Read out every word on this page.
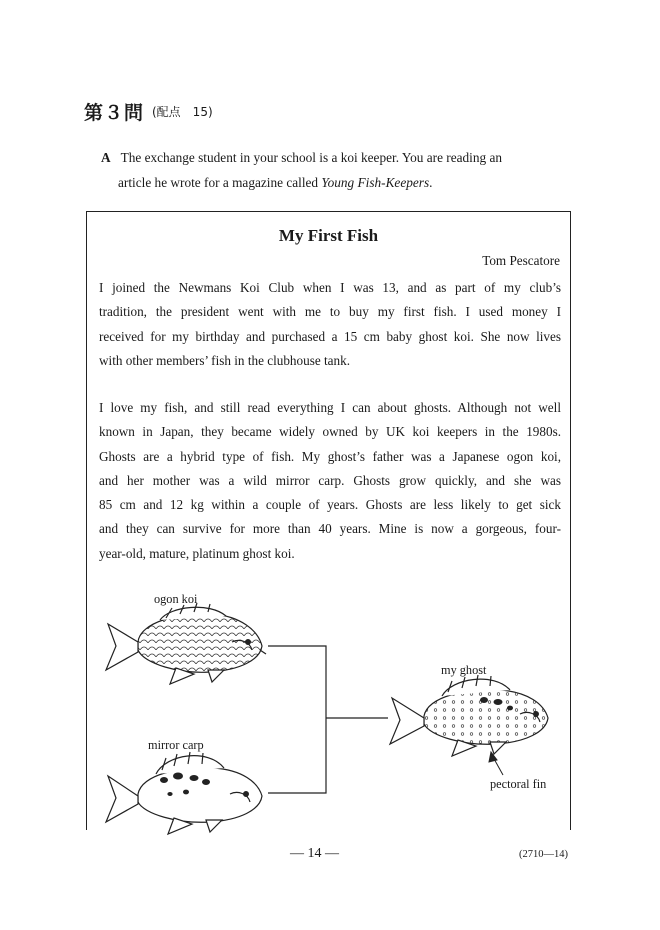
第３問 (配点　15)
A The exchange student in your school is a koi keeper. You are reading an
article he wrote for a magazine called Young Fish-Keepers.
My First Fish
Tom Pescatore
I joined the Newmans Koi Club when I was 13, and as part of my club’s
tradition, the president went with me to buy my first fish. I used money I
received for my birthday and purchased a 15 cm baby ghost koi. She now lives
with other members’ fish in the clubhouse tank.
I love my fish, and still read everything I can about ghosts. Although not well
known in Japan, they became widely owned by UK koi keepers in the 1980s.
Ghosts are a hybrid type of fish. My ghost’s father was a Japanese ogon koi,
and her mother was a wild mirror carp. Ghosts grow quickly, and she was
85 cm and 12 kg within a couple of years. Ghosts are less likely to get sick
and they can survive for more than 40 years. Mine is now a gorgeous, four-
year-old, mature, platinum ghost koi.
ogon koi
mirror carp
my ghost
pectoral fin
— 14 —	(2710—14)
